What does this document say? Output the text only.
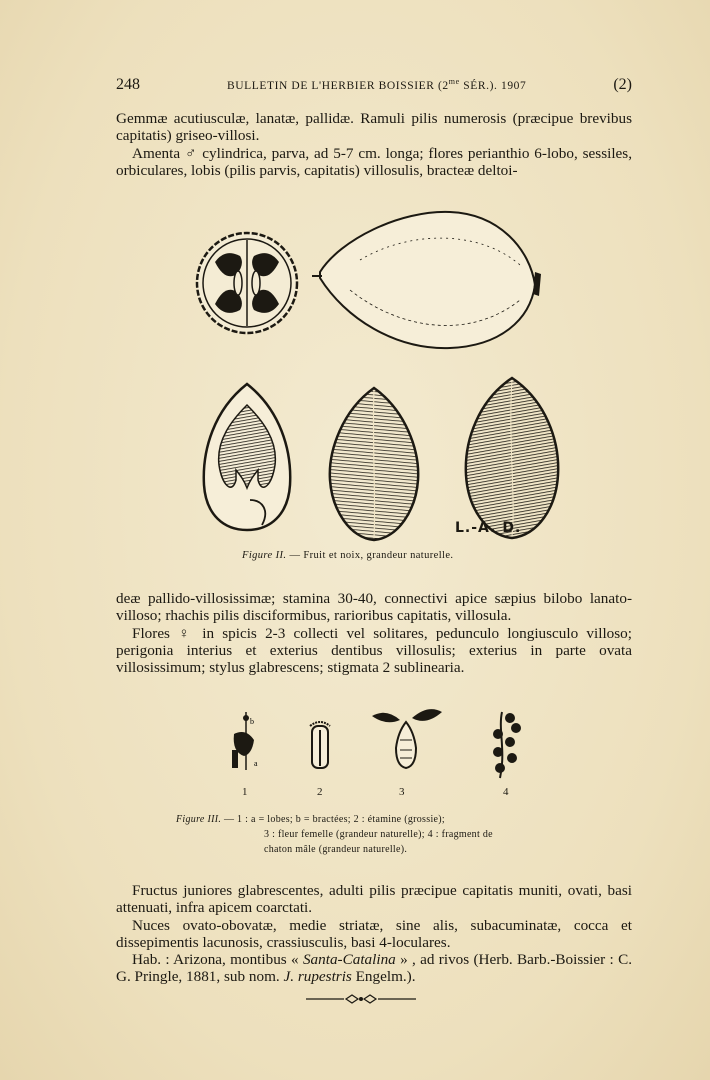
248	BULLETIN DE L'HERBIER BOISSIER ($2^{me}$ SÉR.). 1907	(2)

Gemmæ acutiusculæ, lanatæ, pallidæ. Ramuli pilis numerosis (præcipue brevibus capitatis) griseo-villosi.

Amenta ♂ cylindrica, parva, ad 5-7 cm. longa; flores perianthio 6-lobo, sessiles, orbiculares, lobis (pilis parvis, capitatis) villosulis, bracteæ deltoi-

L.-A. D.
Figure II. — Fruit et noix, grandeur naturelle.

deæ pallido-villosissimæ; stamina 30-40, connectivi apice sæpius bilobo lanato-villoso; rhachis pilis disciformibus, rarioribus capitatis, villosula.

Flores ♀ in spicis 2-3 collecti vel solitares, pedunculo longiusculo villoso; perigonia interius et exterius dentibus villosulis; exterius in parte ovata villosissimum; stylus glabrescens; stigmata 2 sublinearia.

b
a
1	2	3	4
Figure III. — 1 : a = lobes; b = bractées; 2 : étamine (grossie);
3 : fleur femelle (grandeur naturelle); 4 : fragment de
chaton mâle (grandeur naturelle).

Fructus juniores glabrescentes, adulti pilis præcipue capitatis muniti, ovati, basi attenuati, infra apicem coarctati.

Nuces ovato-obovatæ, medie striatæ, sine alis, subacuminatæ, cocca et dissepimentis lacunosis, crassiusculis, basi 4-loculares.

Hab. : Arizona, montibus « Santa-Catalina » , ad rivos (Herb. Barb.-Boissier : C. G. Pringle, 1881, sub nom. J. rupestris Engelm.).
